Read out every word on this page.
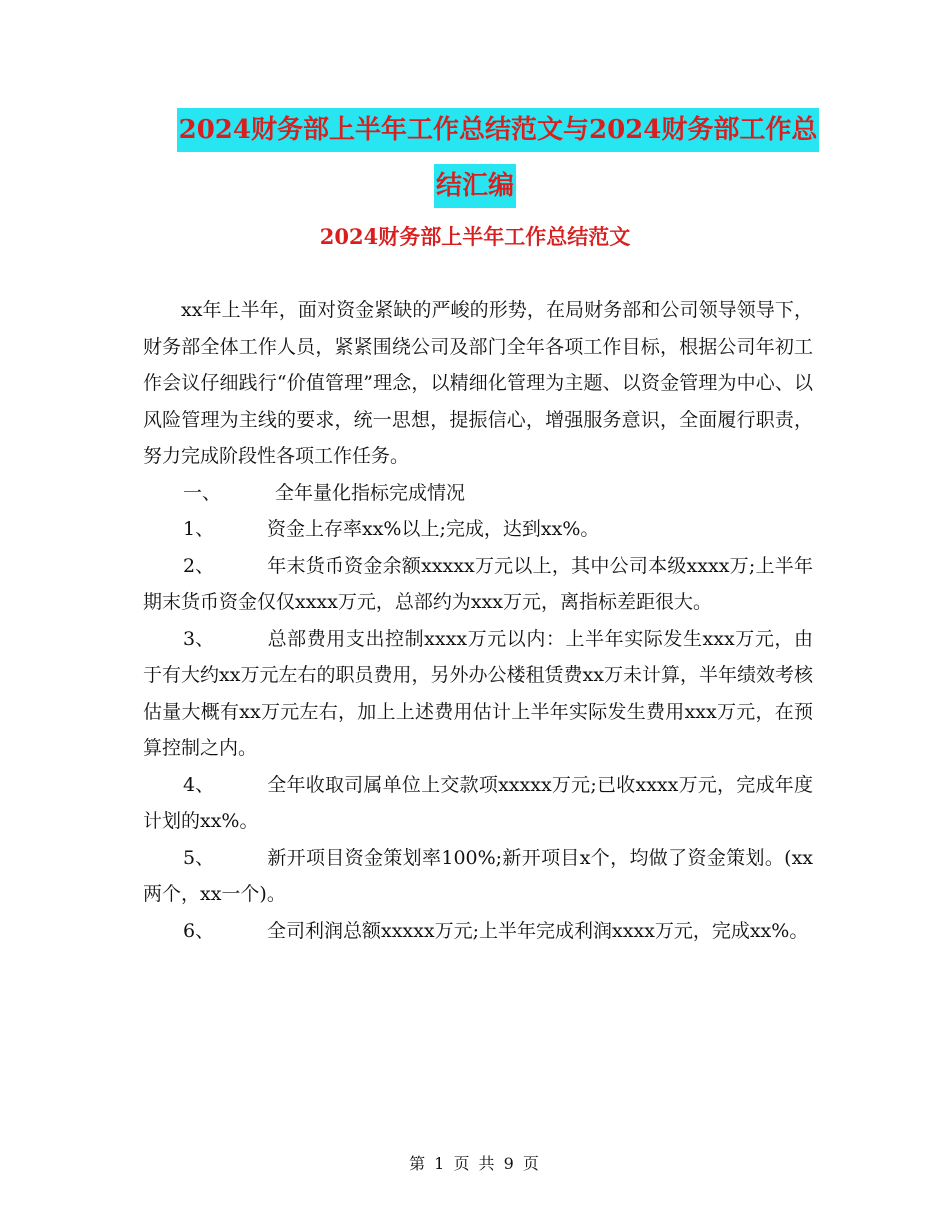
2024财务部上半年工作总结范文与2024财务部工作总
结汇编
2024财务部上半年工作总结范文

xx年上半年，面对资金紧缺的严峻的形势，在局财务部和公司领导领导下，财务部全体工作人员，紧紧围绕公司及部门全年各项工作目标，根据公司年初工作会议仔细践行“价值管理”理念，以精细化管理为主题、以资金管理为中心、以风险管理为主线的要求，统一思想，提振信心，增强服务意识，全面履行职责，努力完成阶段性各项工作任务。

一、	全年量化指标完成情况

1、	资金上存率xx%以上;完成，达到xx%。

2、	年末货币资金余额xxxxx万元以上，其中公司本级xxxx万;上半年期末货币资金仅仅xxxx万元，总部约为xxx万元，离指标差距很大。

3、	总部费用支出控制xxxx万元以内：上半年实际发生xxx万元，由于有大约xx万元左右的职员费用，另外办公楼租赁费xx万未计算，半年绩效考核估量大概有xx万元左右，加上上述费用估计上半年实际发生费用xxx万元，在预算控制之内。

4、	全年收取司属单位上交款项xxxxx万元;已收xxxx万元，完成年度计划的xx%。

5、	新开项目资金策划率100%;新开项目x个，均做了资金策划。(xx两个，xx一个)。

6、	全司利润总额xxxxx万元;上半年完成利润xxxx万元，完成xx%。

第 1 页 共 9 页
